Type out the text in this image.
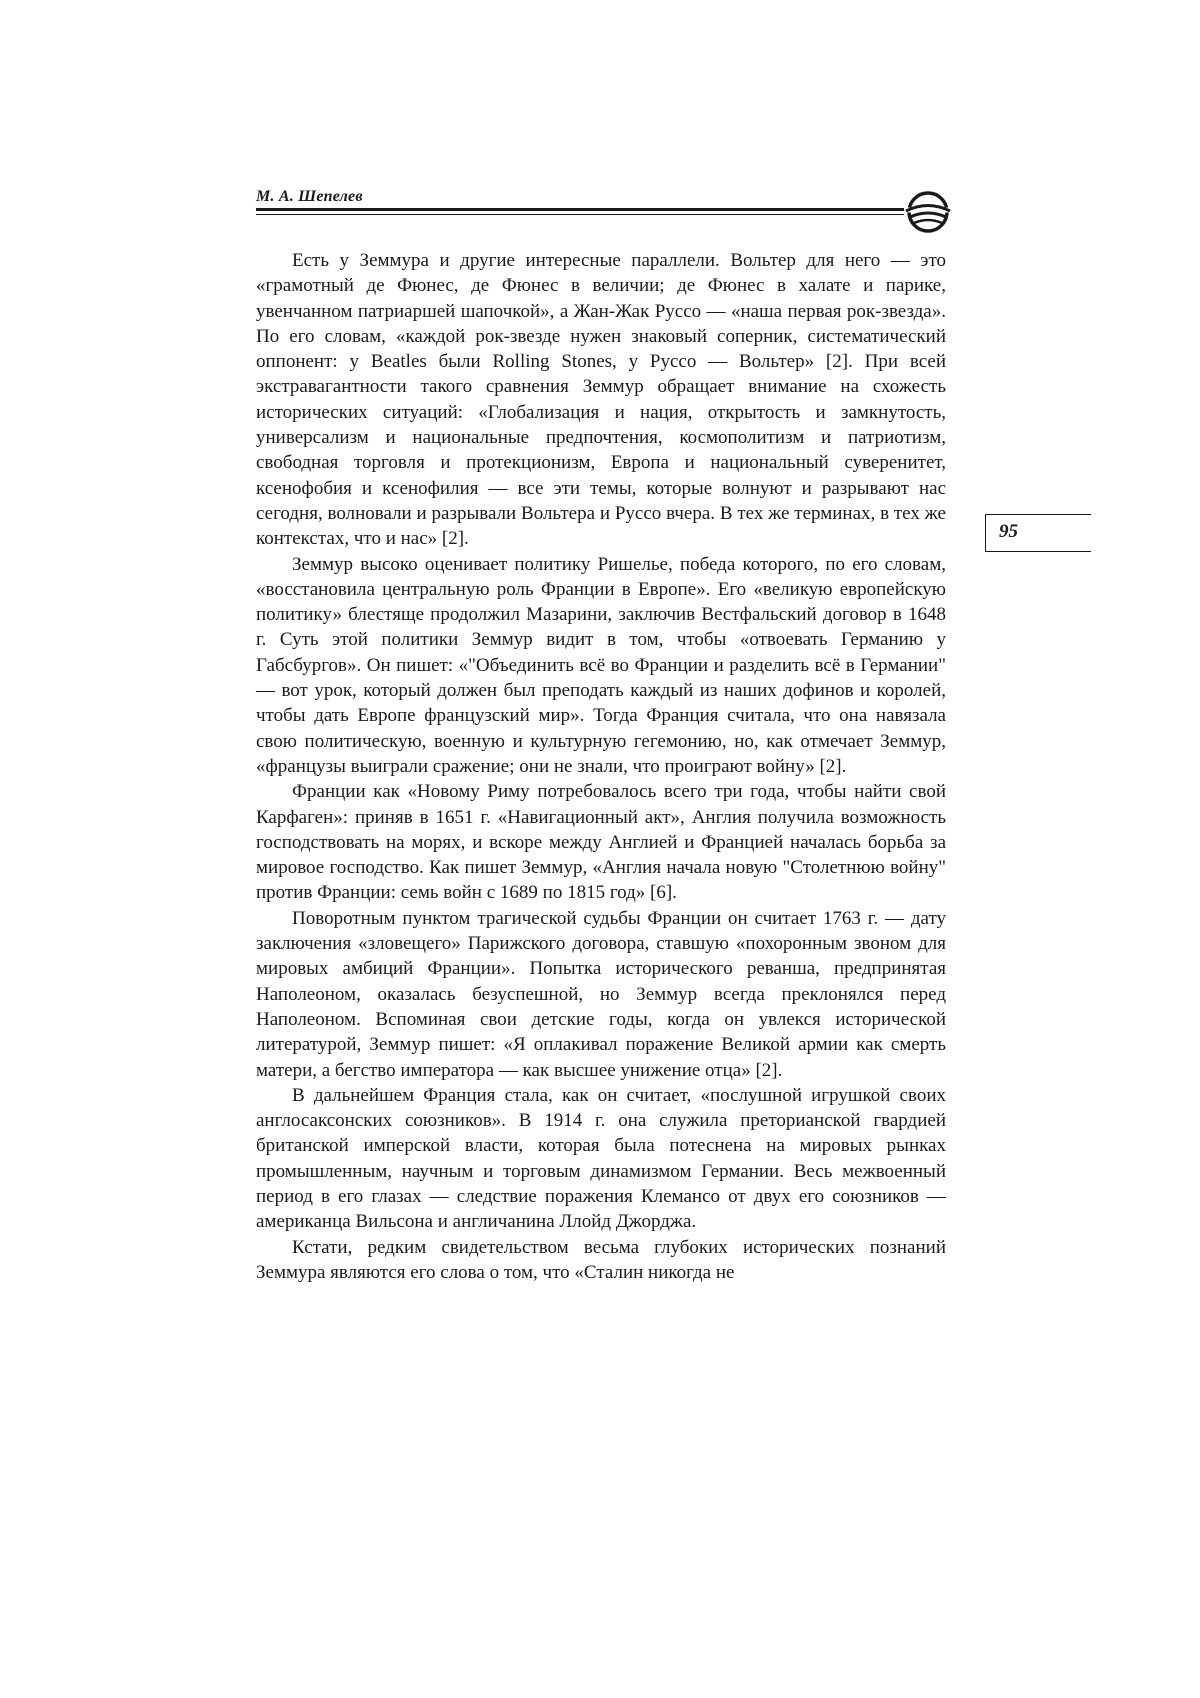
М. А. Шепелев
95

Есть у Земмура и другие интересные параллели. Вольтер для него — это «грамотный де Фюнес, де Фюнес в величии; де Фюнес в халате и парике, увенчанном патриаршей шапочкой», а Жан-Жак Руссо — «наша первая рок-звезда». По его словам, «каждой рок-звезде нужен знаковый соперник, систематический оппонент: у Beatles были Rolling Stones, у Руссо — Вольтер» [2]. При всей экстравагантности такого сравнения Земмур обращает внимание на схожесть исторических ситуаций: «Глобализация и нация, открытость и замкнутость, универсализм и национальные предпочтения, космополитизм и патриотизм, свободная торговля и протекционизм, Европа и национальный суверенитет, ксенофобия и ксенофилия — все эти темы, которые волнуют и разрывают нас сегодня, волновали и разрывали Вольтера и Руссо вчера. В тех же терминах, в тех же контекстах, что и нас» [2].

Земмур высоко оценивает политику Ришелье, победа которого, по его словам, «восстановила центральную роль Франции в Европе». Его «великую европейскую политику» блестяще продолжил Мазарини, заключив Вестфальский договор в 1648 г. Суть этой политики Земмур видит в том, чтобы «отвоевать Германию у Габсбургов». Он пишет: «"Объединить всё во Франции и разделить всё в Германии" — вот урок, который должен был преподать каждый из наших дофинов и королей, чтобы дать Европе французский мир». Тогда Франция считала, что она навязала свою политическую, военную и культурную гегемонию, но, как отмечает Земмур, «французы выиграли сражение; они не знали, что проиграют войну» [2].

Франции как «Новому Риму потребовалось всего три года, чтобы найти свой Карфаген»: приняв в 1651 г. «Навигационный акт», Англия получила возможность господствовать на морях, и вскоре между Англией и Францией началась борьба за мировое господство. Как пишет Земмур, «Англия начала новую "Столетнюю войну" против Франции: семь войн с 1689 по 1815 год» [6].

Поворотным пунктом трагической судьбы Франции он считает 1763 г. — дату заключения «зловещего» Парижского договора, ставшую «похоронным звоном для мировых амбиций Франции». Попытка исторического реванша, предпринятая Наполеоном, оказалась безуспешной, но Земмур всегда преклонялся перед Наполеоном. Вспоминая свои детские годы, когда он увлекся исторической литературой, Земмур пишет: «Я оплакивал поражение Великой армии как смерть матери, а бегство императора — как высшее унижение отца» [2].

В дальнейшем Франция стала, как он считает, «послушной игрушкой своих англосаксонских союзников». В 1914 г. она служила преторианской гвардией британской имперской власти, которая была потеснена на мировых рынках промышленным, научным и торговым динамизмом Германии. Весь межвоенный период в его глазах — следствие поражения Клемансо от двух его союзников — американца Вильсона и англичанина Ллойд Джорджа.

Кстати, редким свидетельством весьма глубоких исторических познаний Земмура являются его слова о том, что «Сталин никогда не
